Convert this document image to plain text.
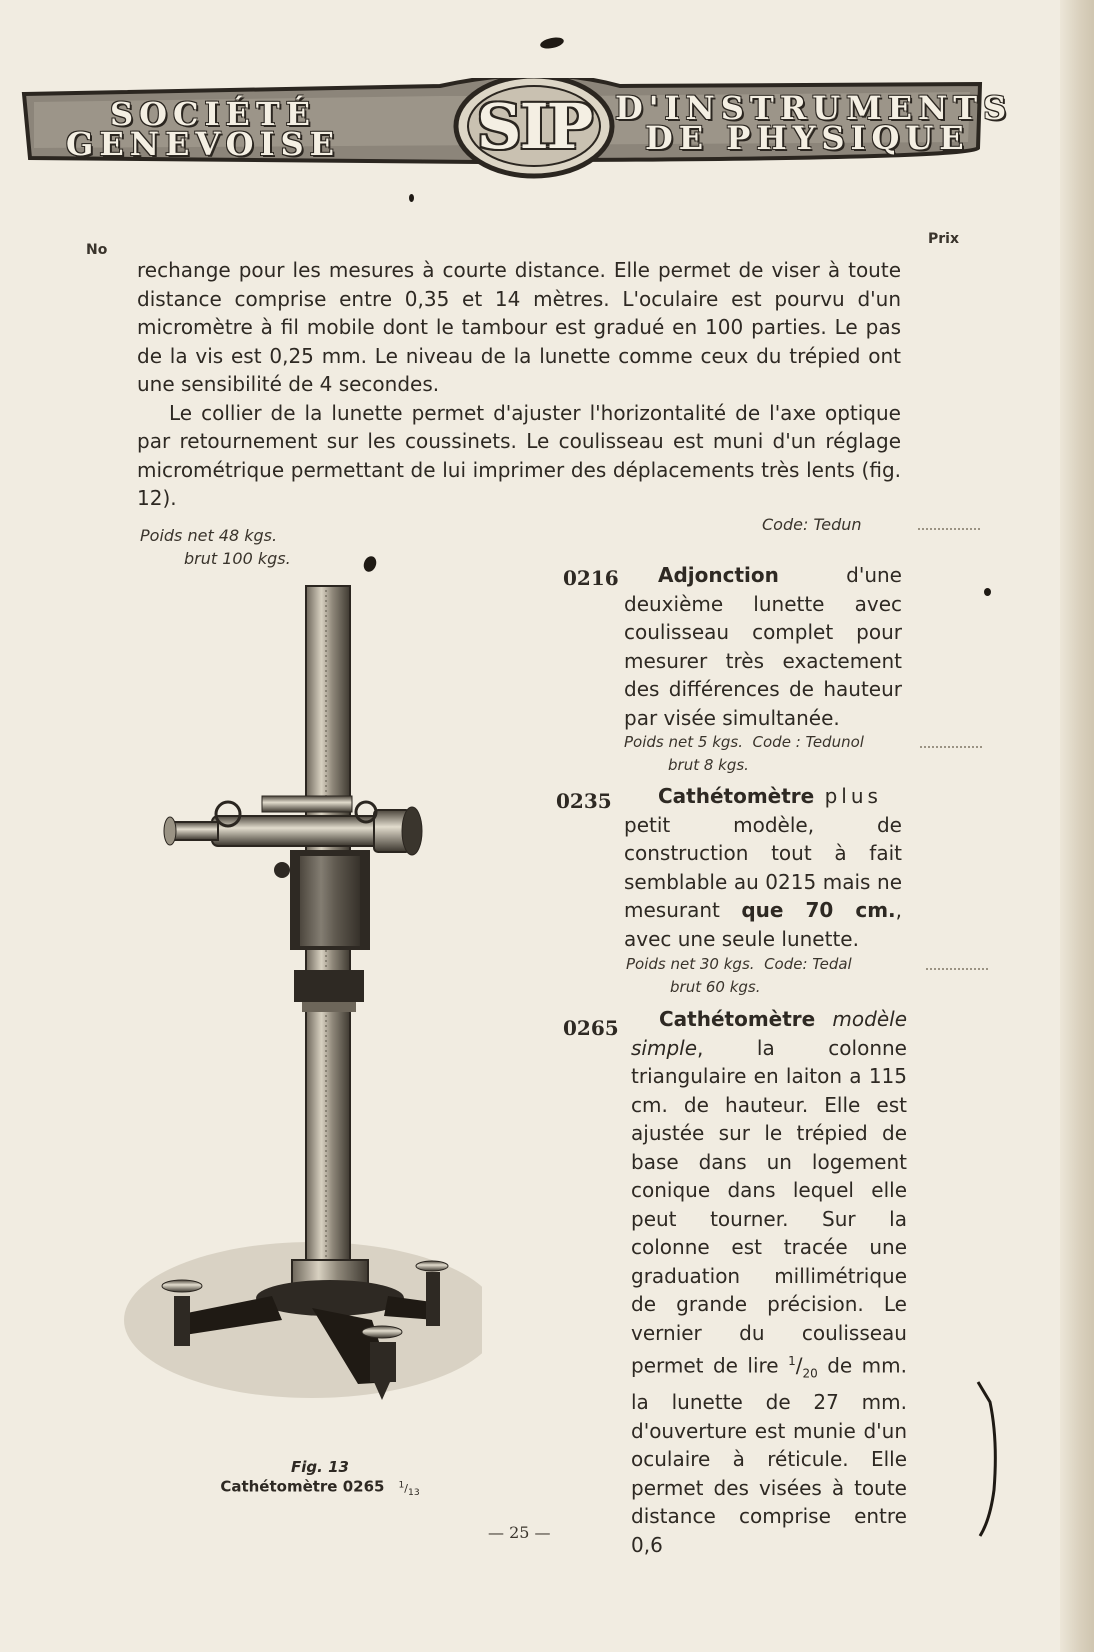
SOCIÉTÉ
GENEVOISE SIP D'INSTRUMENTS
DE PHYSIQUE
No
Prix

rechange pour les mesures à courte distance. Elle permet de viser à toute distance comprise entre 0,35 et 14 mètres. L'oculaire est pourvu d'un micromètre à fil mobile dont le tambour est gradué en 100 parties. Le pas de la vis est 0,25 mm. Le niveau de la lunette comme ceux du trépied ont une sensibilité de 4 secondes.

Le collier de la lunette permet d'ajuster l'horizontalité de l'axe optique par retournement sur les coussinets. Le coulisseau est muni d'un réglage micrométrique permettant de lui imprimer des déplacements très lents (fig. 12).

Poids net 48 kgs.
brut 100 kgs.
Code: Tedun
Fig. 13
Cathétomètre 0265 $^1/_{13}$
0216	Adjonction d'une deuxième lunette avec coulisseau complet pour mesurer très exactement des différences de hauteur par visée simultanée.

Poids net 5 kgs. Code : Tedunol
brut 8 kgs.
0235	Cathétomètre plus

petit modèle, de construction tout à fait semblable au 0215 mais ne mesurant que 70 cm., avec une seule lunette.

Poids net 30 kgs. Code: Tedal
brut 60 kgs.
0265	Cathétomètre modèle simple, la colonne triangulaire en laiton a 115 cm. de hauteur. Elle est ajustée sur le trépied de base dans un logement conique dans lequel elle peut tourner. Sur la colonne est tracée une graduation millimétrique de grande précision. Le vernier du coulisseau permet de lire $^1/_{20}$ de mm. la lunette de 27 mm. d'ouverture est munie d'un oculaire à réticule. Elle permet des visées à toute distance comprise entre 0,6

— 25 —
